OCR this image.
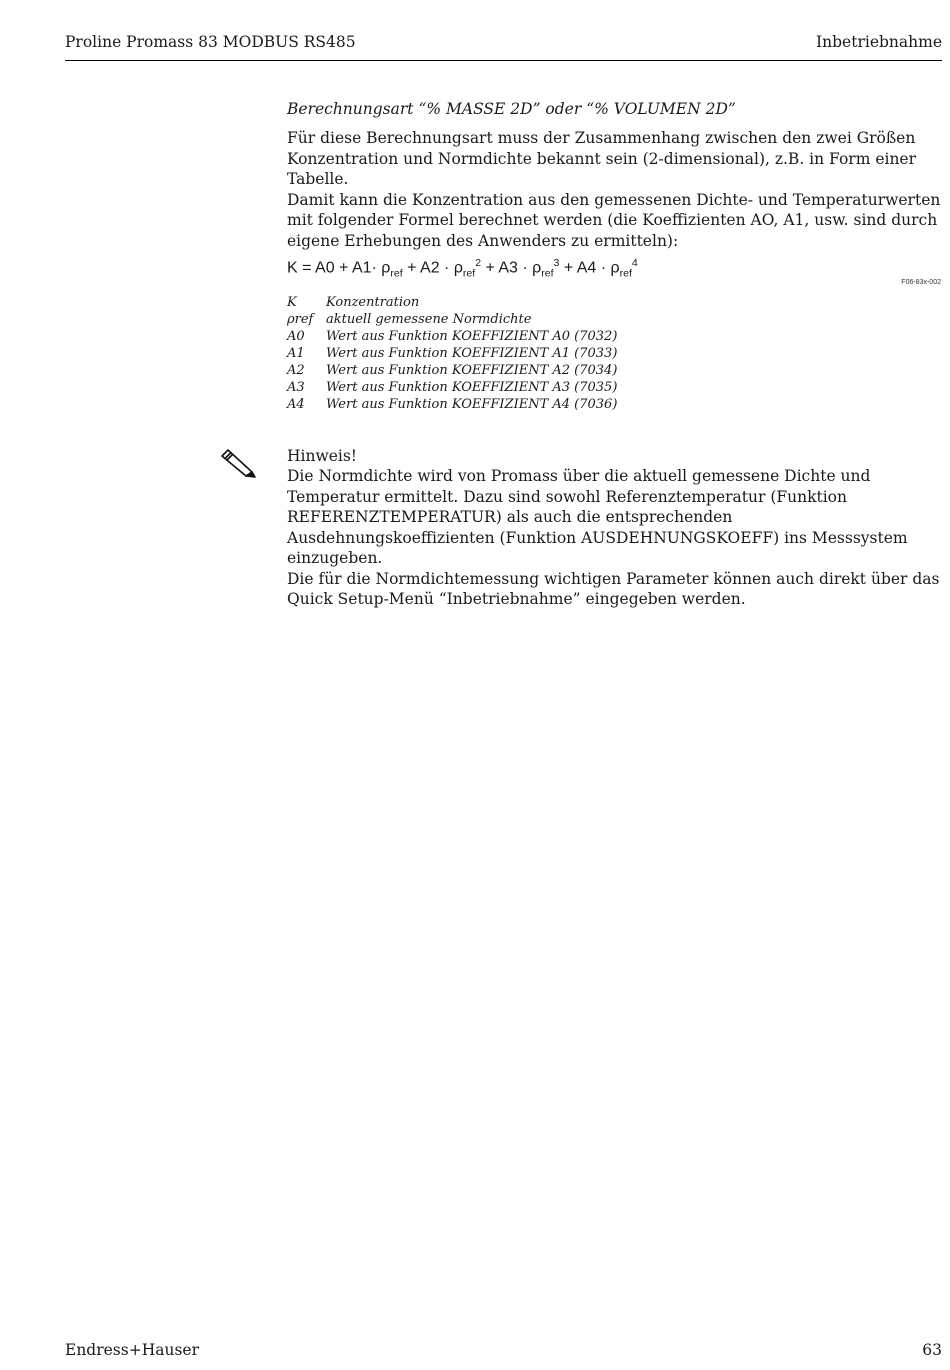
Proline Promass 83 MODBUS RS485	Inbetriebnahme
Berechnungsart “% MASSE 2D” oder “% VOLUMEN 2D”

Für diese Berechnungsart muss der Zusammenhang zwischen den zwei Größen Konzentration und Normdichte bekannt sein (2-dimensional), z.B. in Form einer Tabelle.

Damit kann die Konzentration aus den gemessenen Dichte- und Temperaturwerten mit folgender Formel berechnet werden (die Koeffizienten AO, A1, usw. sind durch eigene Erhebungen des Anwenders zu ermitteln):

$K = A0 + A1\cdot \rho_{ref} + A2 \cdot \rho_{ref}^2 + A3 \cdot \rho_{ref}^3 + A4 \cdot \rho_{ref}^4$
F06-83x-002
K	Konzentration
ρref aktuell gemessene Normdichte
A0	Wert aus Funktion KOEFFIZIENT A0 (7032)
A1	Wert aus Funktion KOEFFIZIENT A1 (7033)
A2	Wert aus Funktion KOEFFIZIENT A2 (7034)
A3	Wert aus Funktion KOEFFIZIENT A3 (7035)
A4	Wert aus Funktion KOEFFIZIENT A4 (7036)
Hinweis!

Die Normdichte wird von Promass über die aktuell gemessene Dichte und Temperatur ermittelt. Dazu sind sowohl Referenztemperatur (Funktion REFERENZTEMPERATUR) als auch die entsprechenden Ausdehnungskoeffizienten (Funktion AUSDEHNUNGSKOEFF) ins Messsystem einzugeben.

Die für die Normdichtemessung wichtigen Parameter können auch direkt über das Quick Setup-Menü “Inbetriebnahme” eingegeben werden.

Endress+Hauser	63
